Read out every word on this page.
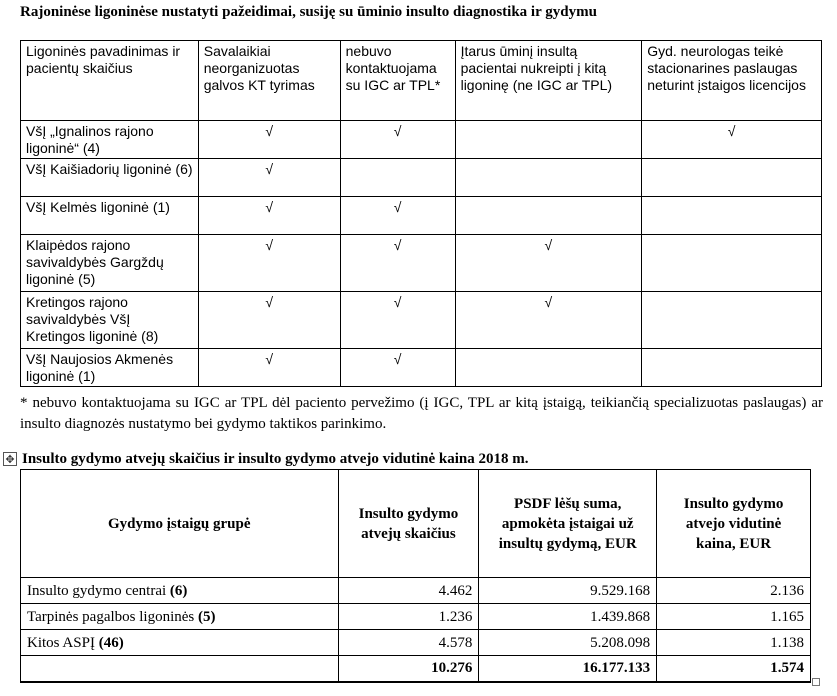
Rajoninėse ligoninėse nustatyti pažeidimai, susiję su ūminio insulto diagnostika ir gydymu
Ligoninės pavadinimas ir pacientų skaičius	Savalaikiai neorganizuotas galvos KT tyrimas	nebuvo kontaktuojama su IGC ar TPL*	Įtarus ūminį insultą pacientai nukreipti į kitą ligoninę (ne IGC ar TPL)	Gyd. neurologas teikė stacionarines paslaugas neturint įstaigos licencijos
VšĮ „Ignalinos rajono ligoninė“ (4)	√	√		√
VšĮ Kaišiadorių ligoninė (6)	√			
VšĮ Kelmės ligoninė (1)	√	√		
Klaipėdos rajono savivaldybės Gargždų ligoninė (5)	√	√	√	
Kretingos rajono savivaldybės VšĮ Kretingos ligoninė (8)	√	√	√	
VšĮ Naujosios Akmenės ligoninė (1)	√	√		
* nebuvo kontaktuojama su IGC ar TPL dėl paciento pervežimo (į IGC, TPL ar kitą įstaigą, teikiančią specializuotas paslaugas) ar insulto diagnozės nustatymo bei gydymo taktikos parinkimo.
✥ Insulto gydymo atvejų skaičius ir insulto gydymo atvejo vidutinė kaina 2018 m.
Gydymo įstaigų grupė	Insulto gydymo atvejų skaičius	PSDF lėšų suma, apmokėta įstaigai už insultų gydymą, EUR	Insulto gydymo atvejo vidutinė kaina, EUR
Insulto gydymo centrai (6)	4.462	9.529.168	2.136
Tarpinės pagalbos ligoninės (5)	1.236	1.439.868	1.165
Kitos ASPĮ (46)	4.578	5.208.098	1.138
	10.276	16.177.133	1.574
